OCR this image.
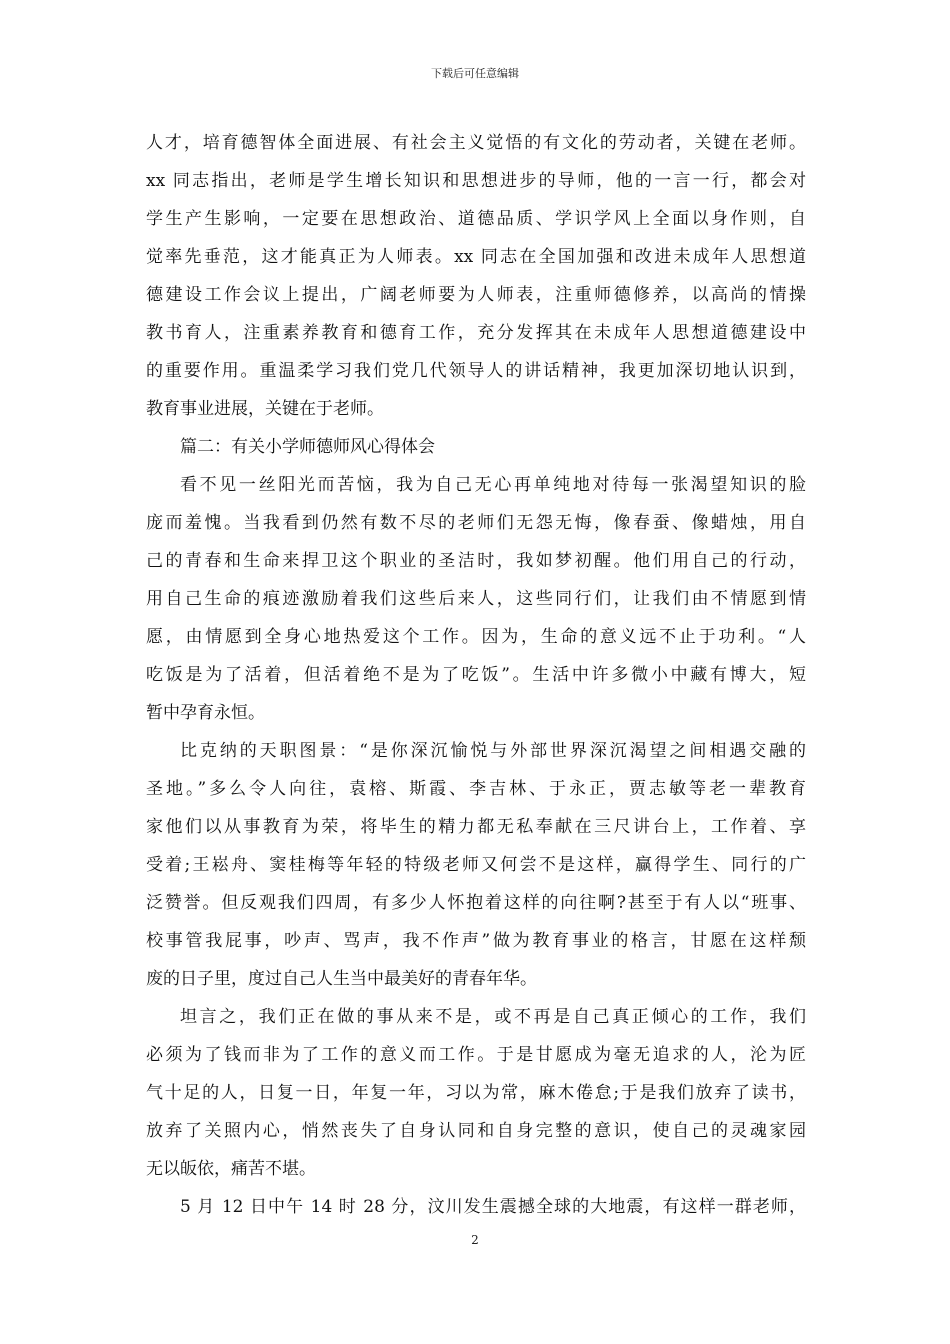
下载后可任意编辑
人才，培育德智体全面进展、有社会主义觉悟的有文化的劳动者，关键在老师。
xx 同志指出，老师是学生增长知识和思想进步的导师，他的一言一行，都会对
学生产生影响，一定要在思想政治、道德品质、学识学风上全面以身作则，自
觉率先垂范，这才能真正为人师表。xx 同志在全国加强和改进未成年人思想道
德建设工作会议上提出，广阔老师要为人师表，注重师德修养，以高尚的情操
教书育人，注重素养教育和德育工作，充分发挥其在未成年人思想道德建设中
的重要作用。重温柔学习我们党几代领导人的讲话精神，我更加深切地认识到，
教育事业进展，关键在于老师。
篇二：有关小学师德师风心得体会
看不见一丝阳光而苦恼，我为自己无心再单纯地对待每一张渴望知识的脸
庞而羞愧。当我看到仍然有数不尽的老师们无怨无悔，像春蚕、像蜡烛，用自
己的青春和生命来捍卫这个职业的圣洁时，我如梦初醒。他们用自己的行动，
用自己生命的痕迹激励着我们这些后来人，这些同行们，让我们由不情愿到情
愿，由情愿到全身心地热爱这个工作。因为，生命的意义远不止于功利。“人
吃饭是为了活着，但活着绝不是为了吃饭”。生活中许多微小中藏有博大，短
暂中孕育永恒。
比克纳的天职图景：“是你深沉愉悦与外部世界深沉渴望之间相遇交融的
圣地。”多么令人向往，袁榕、斯霞、李吉林、于永正，贾志敏等老一辈教育
家他们以从事教育为荣，将毕生的精力都无私奉献在三尺讲台上，工作着、享
受着;王崧舟、窦桂梅等年轻的特级老师又何尝不是这样，赢得学生、同行的广
泛赞誉。但反观我们四周，有多少人怀抱着这样的向往啊?甚至于有人以“班事、
校事管我屁事，吵声、骂声，我不作声”做为教育事业的格言，甘愿在这样颓
废的日子里，度过自己人生当中最美好的青春年华。
坦言之，我们正在做的事从来不是，或不再是自己真正倾心的工作，我们
必须为了钱而非为了工作的意义而工作。于是甘愿成为毫无追求的人，沦为匠
气十足的人，日复一日，年复一年，习以为常，麻木倦怠;于是我们放弃了读书，
放弃了关照内心，悄然丧失了自身认同和自身完整的意识，使自己的灵魂家园
无以皈依，痛苦不堪。
5 月 12 日中午 14 时 28 分，汶川发生震撼全球的大地震，有这样一群老师，
2
